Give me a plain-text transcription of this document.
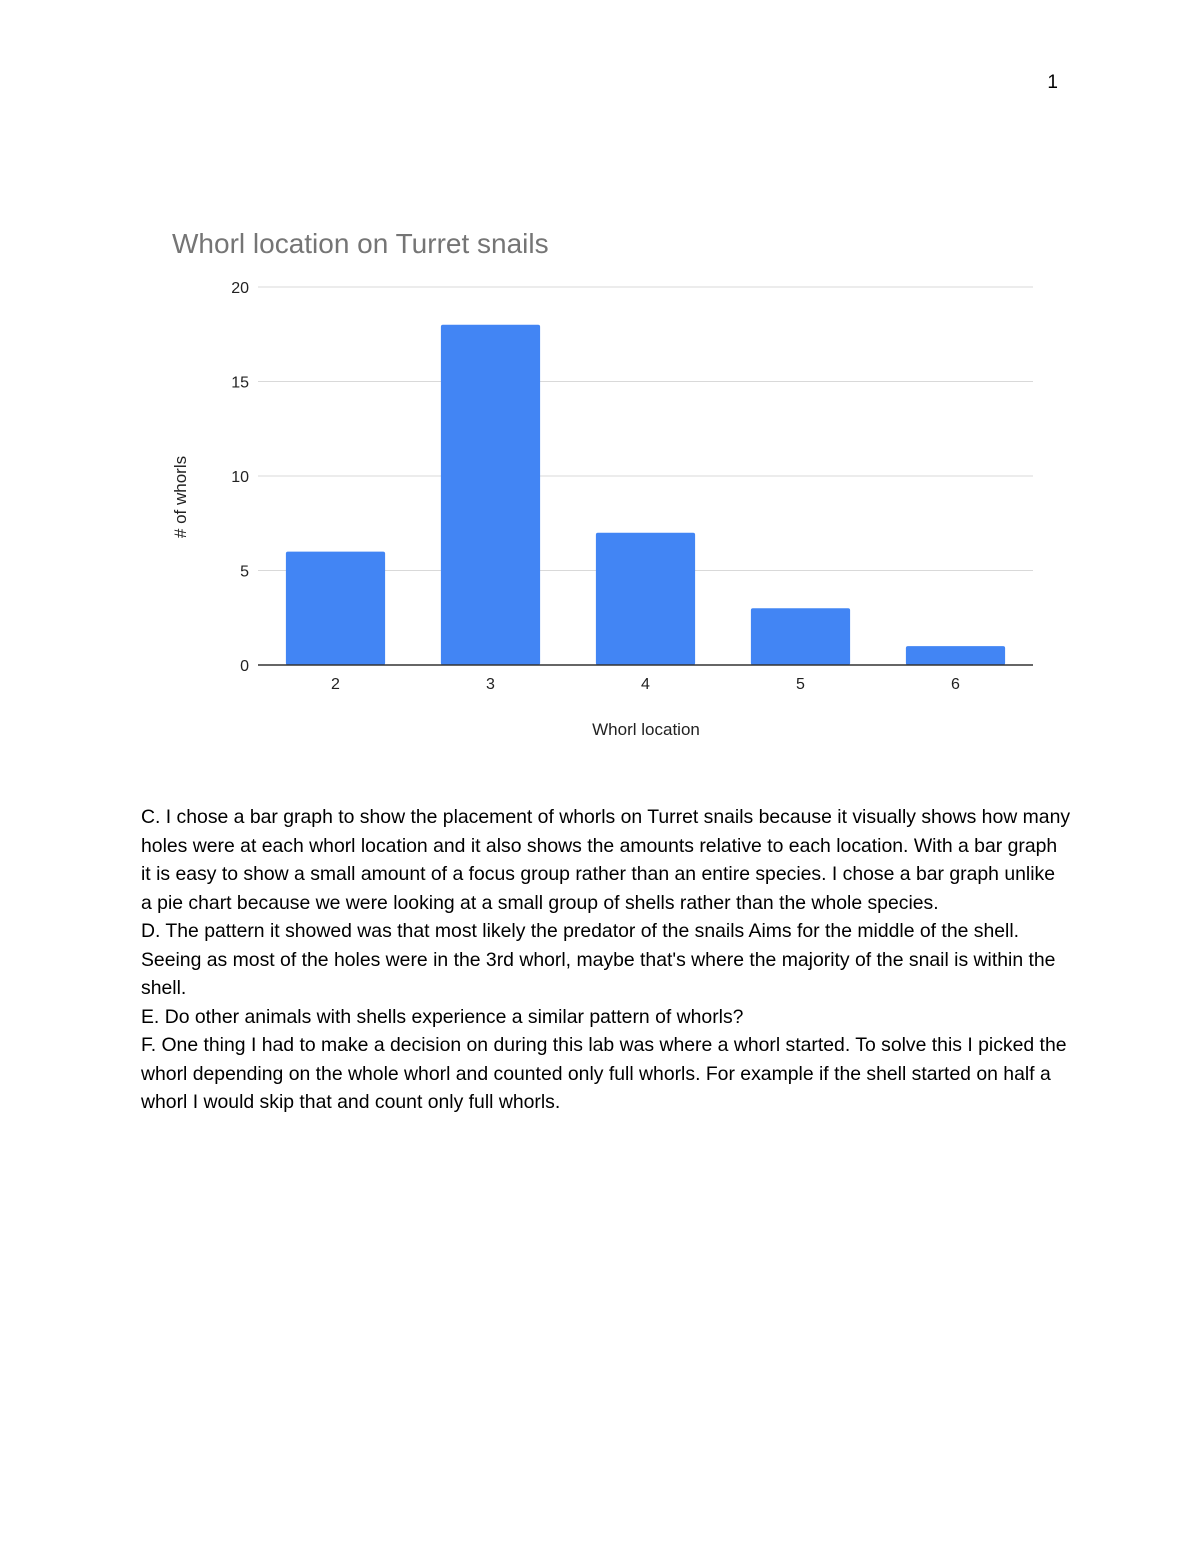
1
Whorl location on Turret snails
0
5
10
15
20
2	3	4	5	6
Whorl location
# of whorls

C. I chose a bar graph to show the placement of whorls on Turret snails because it visually shows how many holes were at each whorl location and it also shows the amounts relative to each location. With a bar graph it is easy to show a small amount of a focus group rather than an entire species. I chose a bar graph unlike a pie chart because we were looking at a small group of shells rather than the whole species.

D. The pattern it showed was that most likely the predator of the snails Aims for the middle of the shell. Seeing as most of the holes were in the 3rd whorl, maybe that's where the majority of the snail is within the shell.

E. Do other animals with shells experience a similar pattern of whorls?

F. One thing I had to make a decision on during this lab was where a whorl started. To solve this I picked the whorl depending on the whole whorl and counted only full whorls. For example if the shell started on half a whorl I would skip that and count only full whorls.
